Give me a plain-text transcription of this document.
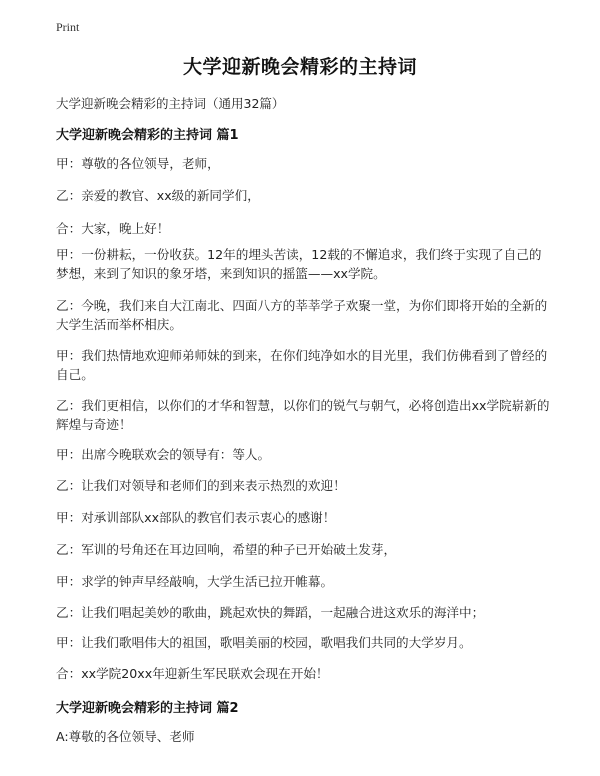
Print
大学迎新晚会精彩的主持词
大学迎新晚会精彩的主持词（通用32篇）
大学迎新晚会精彩的主持词 篇1
甲：尊敬的各位领导，老师，
乙：亲爱的教官、xx级的新同学们，
合：大家，晚上好！
甲：一份耕耘，一份收获。12年的埋头苦读，12载的不懈追求，我们终于实现了自己的梦想，来到了知识的象牙塔，来到知识的摇篮——xx学院。
乙：今晚，我们来自大江南北、四面八方的莘莘学子欢聚一堂，为你们即将开始的全新的大学生活而举杯相庆。
甲：我们热情地欢迎师弟师妹的到来，在你们纯净如水的目光里，我们仿佛看到了曾经的自己。
乙：我们更相信，以你们的才华和智慧，以你们的锐气与朝气，必将创造出xx学院崭新的辉煌与奇迹！
甲：出席今晚联欢会的领导有：等人。
乙：让我们对领导和老师们的到来表示热烈的欢迎！
甲：对承训部队xx部队的教官们表示衷心的感谢！
乙：军训的号角还在耳边回响，希望的种子已开始破土发芽，
甲：求学的钟声早经敲响，大学生活已拉开帷幕。
乙：让我们唱起美妙的歌曲，跳起欢快的舞蹈，一起融合进这欢乐的海洋中；
甲：让我们歌唱伟大的祖国，歌唱美丽的校园，歌唱我们共同的大学岁月。
合：xx学院20xx年迎新生军民联欢会现在开始！
大学迎新晚会精彩的主持词 篇2
A:尊敬的各位领导、老师
